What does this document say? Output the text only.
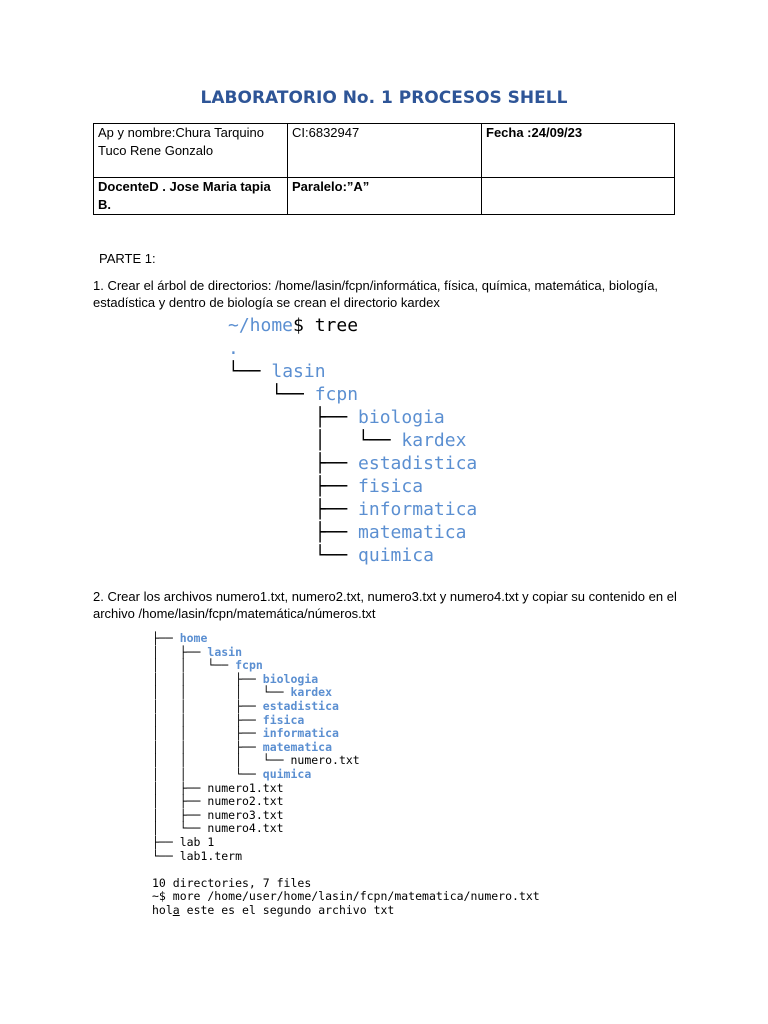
LABORATORIO No. 1 PROCESOS SHELL
Ap y nombre:Chura Tarquino Tuco Rene Gonzalo	CI:6832947	Fecha :24/09/23
DocenteD . Jose Maria tapia B.	Paralelo:”A”	
PARTE 1:
1. Crear el árbol de directorios: /home/lasin/fcpn/informática, física, química, matemática, biología, estadística y dentro de biología se crean el directorio kardex
~/home$ tree
.
└── lasin
└── fcpn
├── biologia
│   └── kardex
├── estadistica
├── fisica
├── informatica
├── matematica
└── quimica
2. Crear los archivos numero1.txt, numero2.txt, numero3.txt y numero4.txt y copiar su contenido en el archivo /home/lasin/fcpn/matemática/números.txt
├── home
│   ├── lasin
│   │   └── fcpn
│   │       ├── biologia
│   │       │   └── kardex
│   │       ├── estadistica
│   │       ├── fisica
│   │       ├── informatica
│   │       ├── matematica
│   │       │   └── numero.txt
│   │       └── quimica
│   ├── numero1.txt
│   ├── numero2.txt
│   ├── numero3.txt
│   └── numero4.txt
├── lab 1
└── lab1.term

10 directories, 7 files
~$ more /home/user/home/lasin/fcpn/matematica/numero.txt
hola este es el segundo archivo txt
